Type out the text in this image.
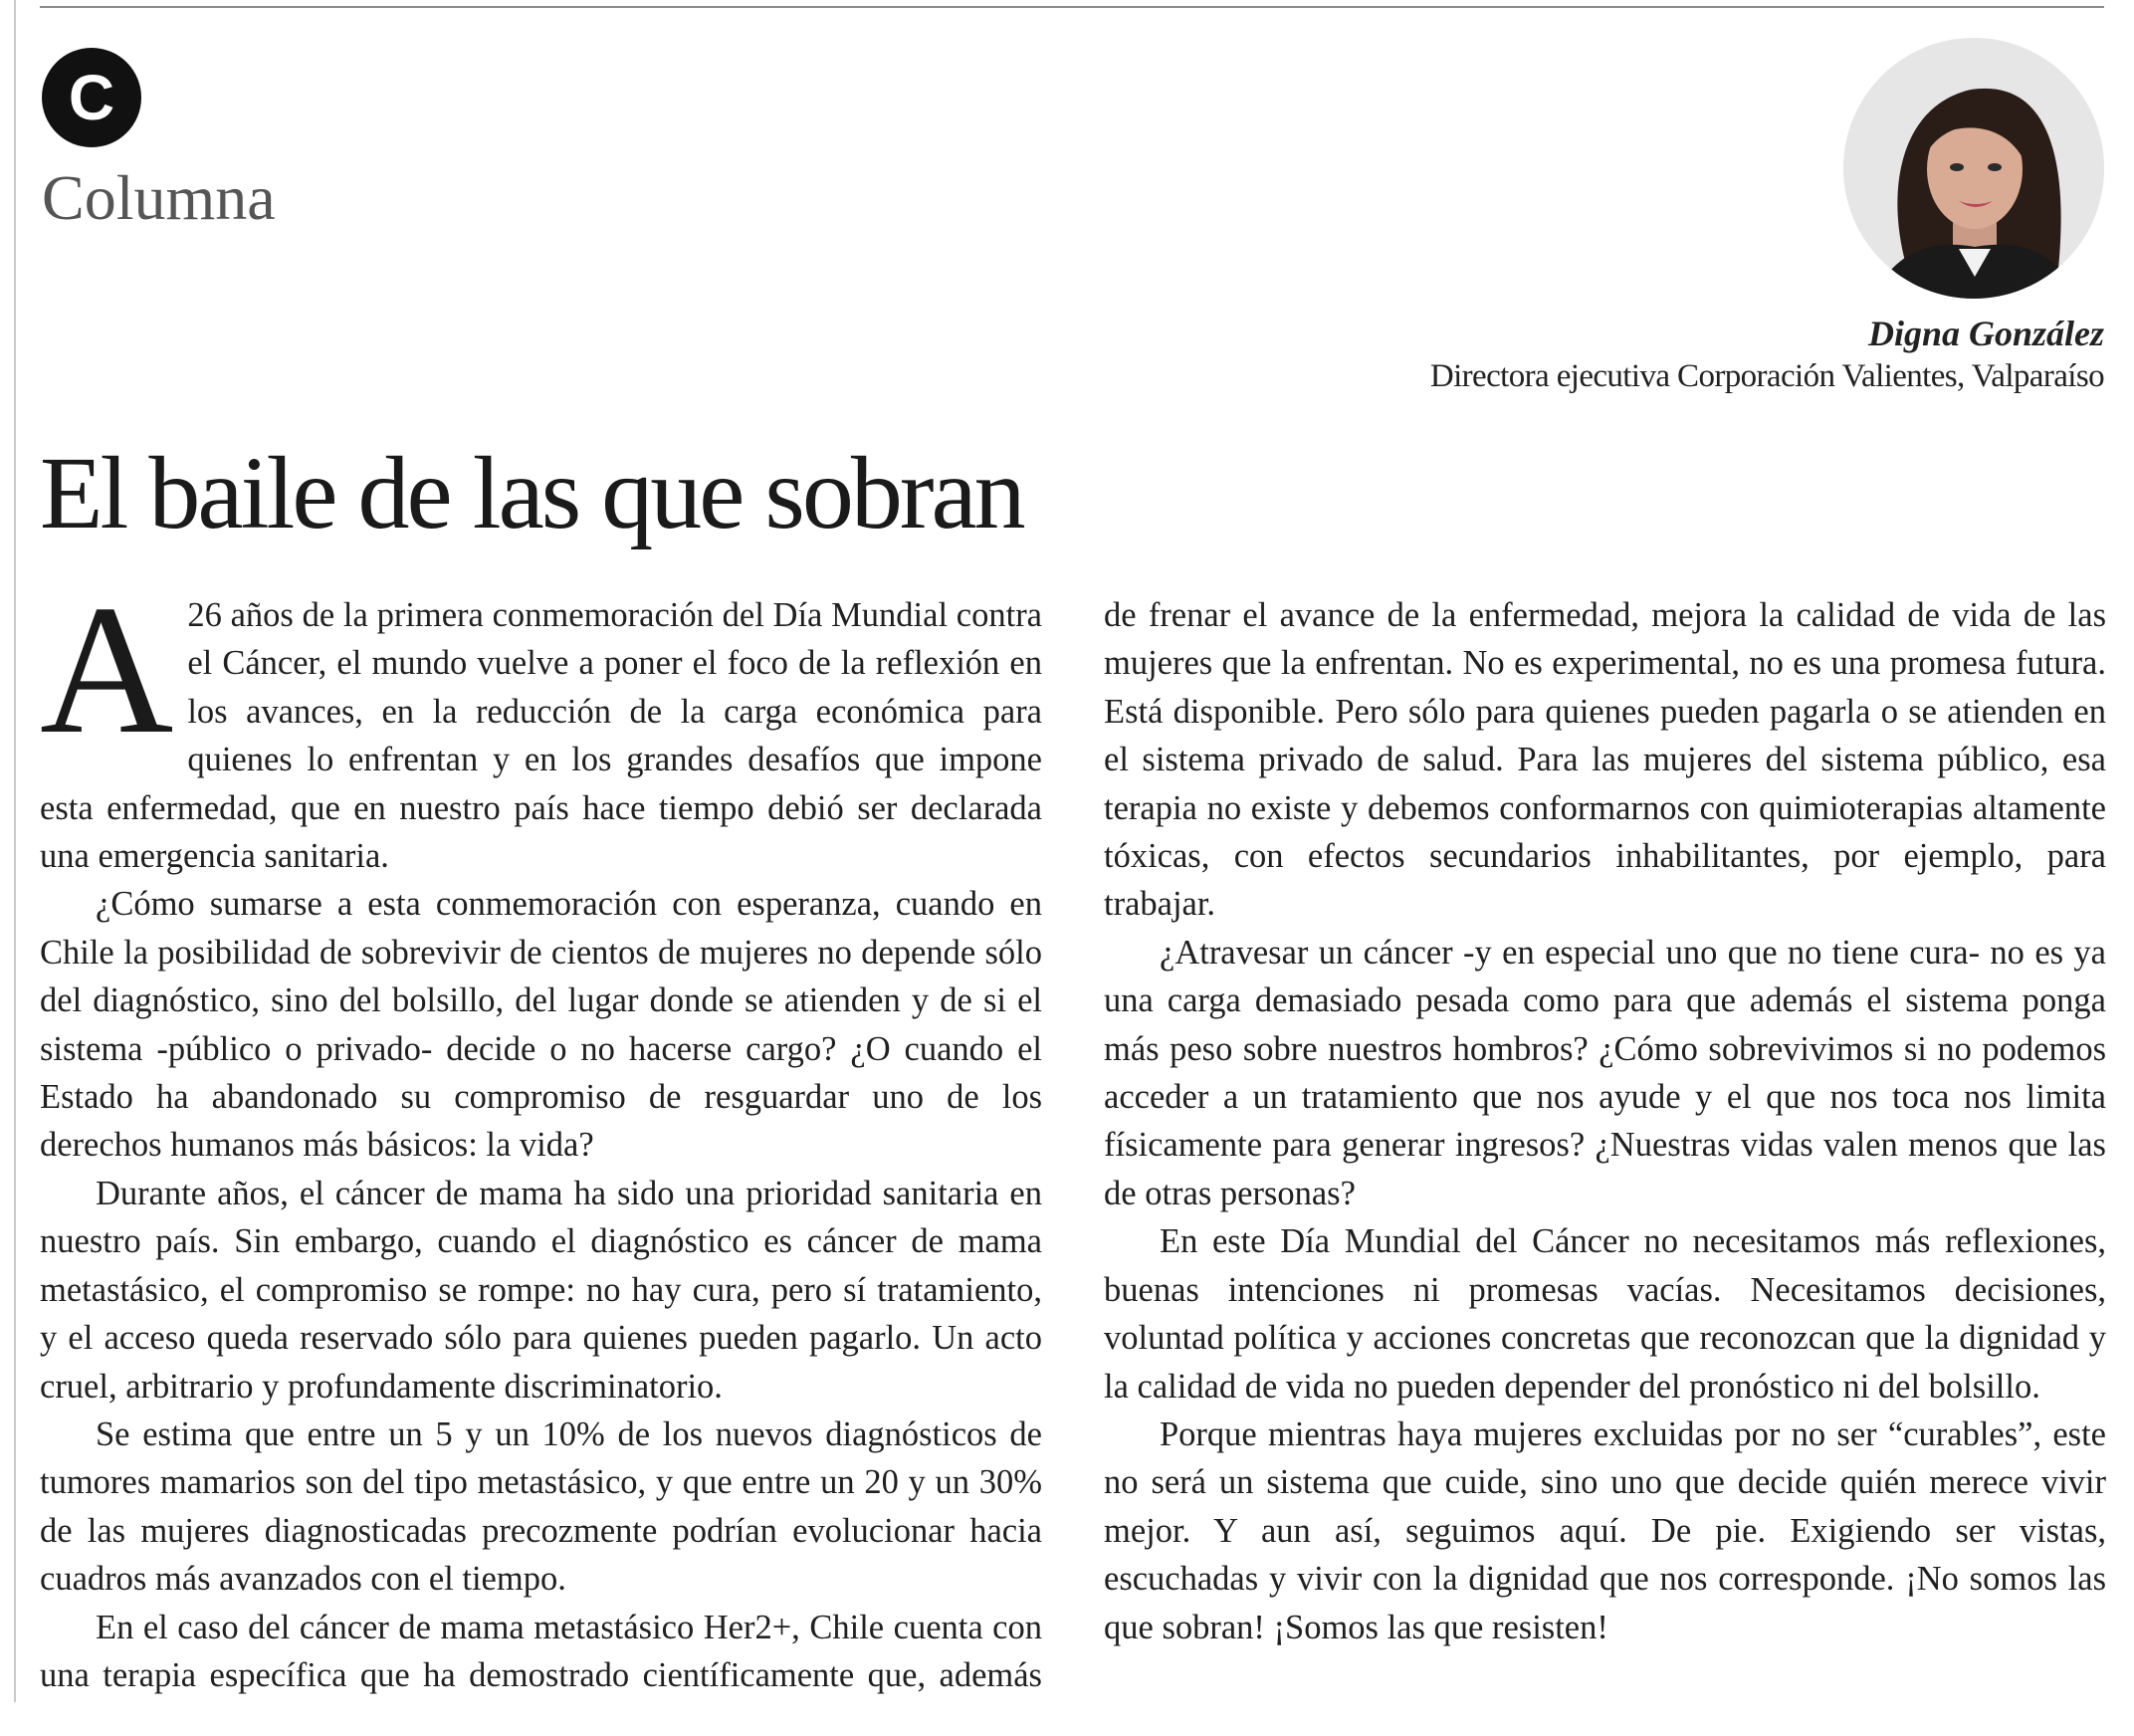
C
Columna
Digna González
Directora ejecutiva Corporación Valientes, Valparaíso
El baile de las que sobran

A 26 años de la primera conmemoración del Día Mundial contra el Cáncer, el mundo vuelve a poner el foco de la reflexión en los avances, en la reducción de la carga económica para quienes lo enfrentan y en los grandes desafíos que impone esta enfermedad, que en nuestro país hace tiempo debió ser declarada una emergencia sanitaria.

¿Cómo sumarse a esta conmemoración con esperanza, cuando en Chile la posibilidad de sobrevivir de cientos de mujeres no depende sólo del diagnóstico, sino del bolsillo, del lugar donde se atienden y de si el sistema -público o privado- decide o no hacerse cargo? ¿O cuando el Estado ha abandonado su compromiso de resguardar uno de los derechos humanos más básicos: la vida?

Durante años, el cáncer de mama ha sido una prioridad sanitaria en nuestro país. Sin embargo, cuando el diagnóstico es cáncer de mama metastásico, el compromiso se rompe: no hay cura, pero sí tratamiento, y el acceso queda reservado sólo para quienes pueden pagarlo. Un acto cruel, arbitrario y profundamente discriminatorio.

Se estima que entre un 5 y un 10% de los nuevos diagnósticos de tumores mamarios son del tipo metastásico, y que entre un 20 y un 30% de las mujeres diagnosticadas precozmente podrían evolucionar hacia cuadros más avanzados con el tiempo.

En el caso del cáncer de mama metastásico Her2+, Chile cuenta con una terapia específica que ha demostrado científicamente que, además de frenar el avance de la enfermedad, mejora la calidad de vida de las mujeres que la enfrentan. No es experimental, no es una promesa futura. Está disponible. Pero sólo para quienes pueden pagarla o se atienden en el sistema privado de salud. Para las mujeres del sistema público, esa terapia no existe y debemos conformarnos con quimioterapias altamente tóxicas, con efectos secundarios inhabilitantes, por ejemplo, para trabajar.

¿Atravesar un cáncer -y en especial uno que no tiene cura- no es ya una carga demasiado pesada como para que además el sistema ponga más peso sobre nuestros hombros? ¿Cómo sobrevivimos si no podemos acceder a un tratamiento que nos ayude y el que nos toca nos limita físicamente para generar ingresos? ¿Nuestras vidas valen menos que las de otras personas?

En este Día Mundial del Cáncer no necesitamos más reflexiones, buenas intenciones ni promesas vacías. Necesitamos decisiones, voluntad política y acciones concretas que reconozcan que la dignidad y la calidad de vida no pueden depender del pronóstico ni del bolsillo.

Porque mientras haya mujeres excluidas por no ser “curables”, este no será un sistema que cuide, sino uno que decide quién merece vivir mejor. Y aun así, seguimos aquí. De pie. Exigiendo ser vistas, escuchadas y vivir con la dignidad que nos corresponde. ¡No somos las que sobran! ¡Somos las que resisten!
